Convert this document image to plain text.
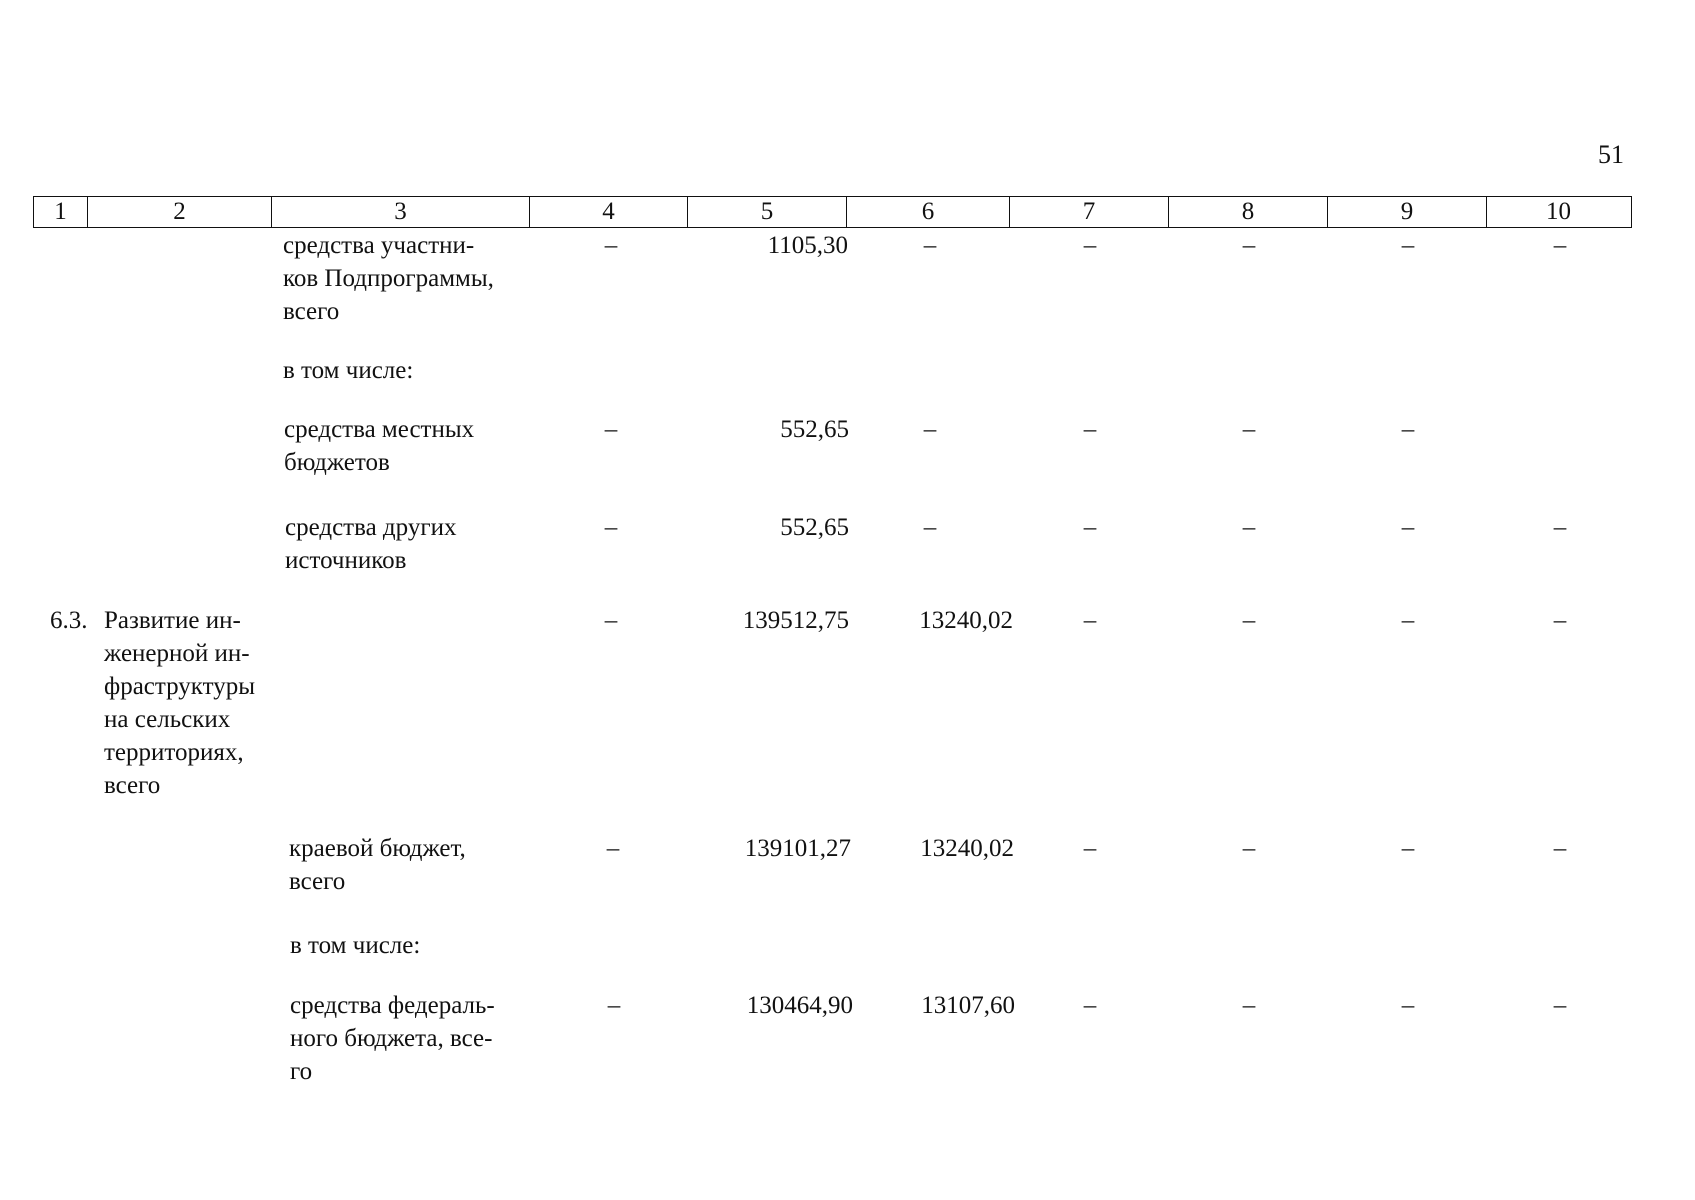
51
1	2	3	4	5	6	7	8	9	10
средства участни-
ков Подпрограммы,
всего
–	1105,30	–	–	–	–	–
в том числе:
средства местных
бюджетов
–	552,65	–	–	–	–
средства других
источников
–	552,65	–	–	–	–	–
6.3. Развитие ин-
женерной ин-
фраструктуры
на сельских
территориях,
всего
–	139512,75	13240,02	–	–	–	–
краевой бюджет,
всего
–	139101,27	13240,02	–	–	–	–
в том числе:
средства федераль-
ного бюджета, все-
го
–	130464,90	13107,60	–	–	–	–
